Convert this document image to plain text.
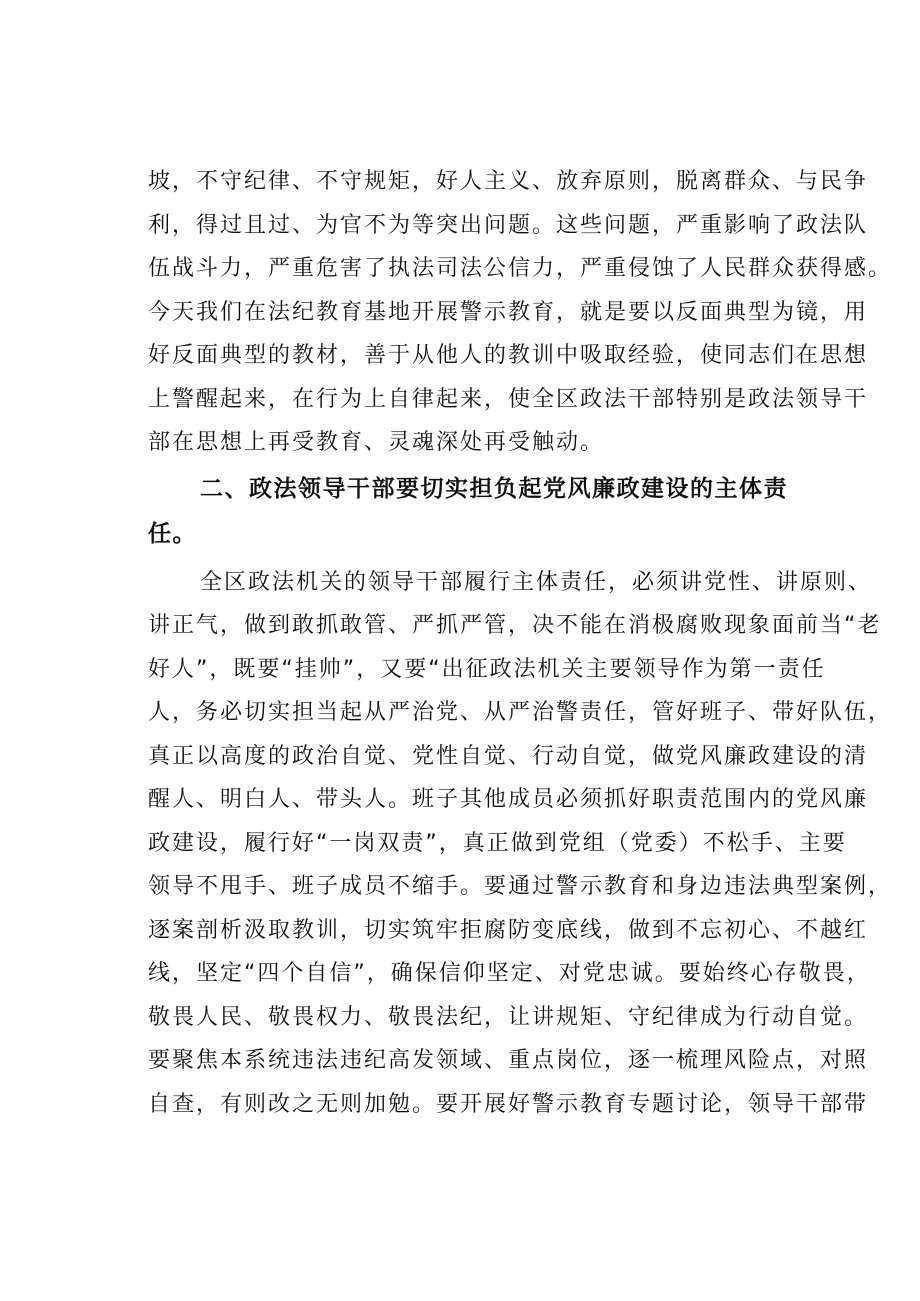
坡，不守纪律、不守规矩，好人主义、放弃原则，脱离群众、与民争
利，得过且过、为官不为等突出问题。这些问题，严重影响了政法队
伍战斗力，严重危害了执法司法公信力，严重侵蚀了人民群众获得感。
今天我们在法纪教育基地开展警示教育，就是要以反面典型为镜，用
好反面典型的教材，善于从他人的教训中吸取经验，使同志们在思想
上警醒起来，在行为上自律起来，使全区政法干部特别是政法领导干
部在思想上再受教育、灵魂深处再受触动。
二、政法领导干部要切实担负起党风廉政建设的主体责
任。
全区政法机关的领导干部履行主体责任，必须讲党性、讲原则、
讲正气，做到敢抓敢管、严抓严管，决不能在消极腐败现象面前当“老
好人”，既要“挂帅”，又要“出征政法机关主要领导作为第一责任
人，务必切实担当起从严治党、从严治警责任，管好班子、带好队伍，
真正以高度的政治自觉、党性自觉、行动自觉，做党风廉政建设的清
醒人、明白人、带头人。班子其他成员必须抓好职责范围内的党风廉
政建设，履行好“一岗双责”，真正做到党组（党委）不松手、主要
领导不甩手、班子成员不缩手。要通过警示教育和身边违法典型案例，
逐案剖析汲取教训，切实筑牢拒腐防变底线，做到不忘初心、不越红
线，坚定“四个自信”，确保信仰坚定、对党忠诚。要始终心存敬畏，
敬畏人民、敬畏权力、敬畏法纪，让讲规矩、守纪律成为行动自觉。
要聚焦本系统违法违纪高发领域、重点岗位，逐一梳理风险点，对照
自查，有则改之无则加勉。要开展好警示教育专题讨论，领导干部带
